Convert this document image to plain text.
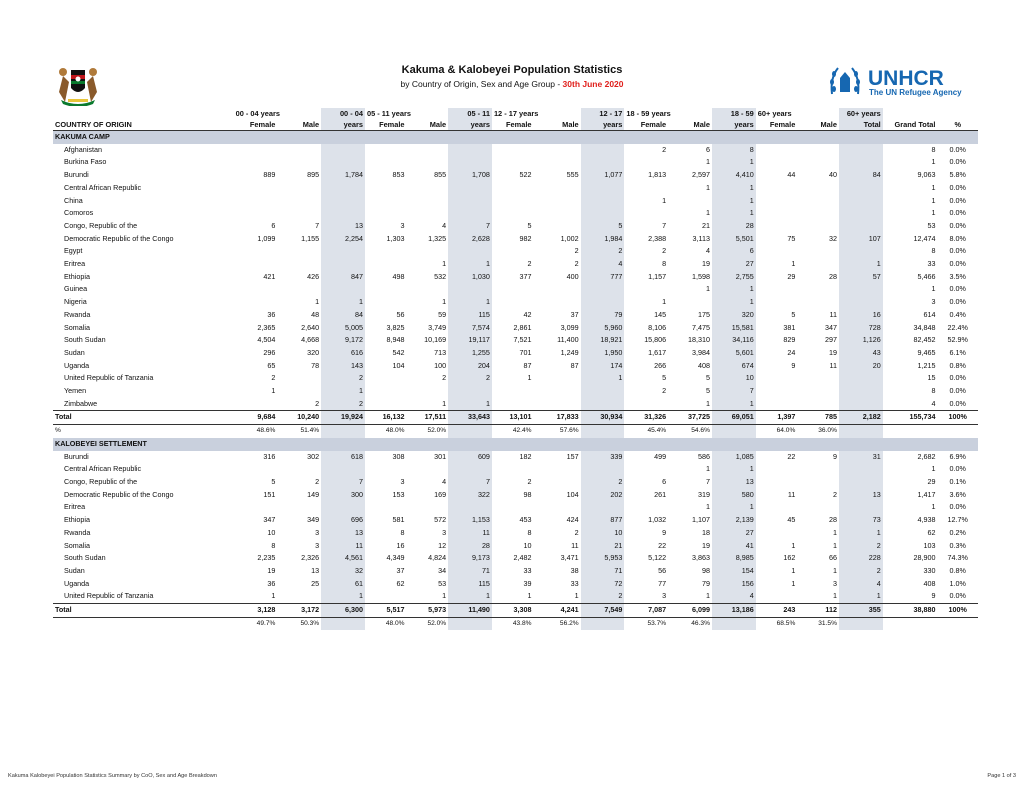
Kakuma & Kalobeyei Population Statistics
by Country of Origin, Sex and Age Group - 30th June 2020	UNHCR
The UN Refugee Agency
	00 - 04 years		00 - 04	05 - 11 years		05 - 11	12 - 17 years		12 - 17	18 - 59 years		18 - 59	60+ years		60+ years		
COUNTRY OF ORIGIN	Female	Male	years	Female	Male	years	Female	Male	years	Female	Male	years	Female	Male	Total	Grand Total	%
KAKUMA CAMP																	
Afghanistan										2	6	8				8	0.0%
Burkina Faso											1	1				1	0.0%
Burundi	889	895	1,784	853	855	1,708	522	555	1,077	1,813	2,597	4,410	44	40	84	9,063	5.8%
Central African Republic											1	1				1	0.0%
China										1		1				1	0.0%
Comoros											1	1				1	0.0%
Congo, Republic of the	6	7	13	3	4	7	5		5	7	21	28				53	0.0%
Democratic Republic of the Congo	1,099	1,155	2,254	1,303	1,325	2,628	982	1,002	1,984	2,388	3,113	5,501	75	32	107	12,474	8.0%
Egypt								2	2	2	4	6				8	0.0%
Eritrea					1	1	2	2	4	8	19	27	1		1	33	0.0%
Ethiopia	421	426	847	498	532	1,030	377	400	777	1,157	1,598	2,755	29	28	57	5,466	3.5%
Guinea											1	1				1	0.0%
Nigeria		1	1		1	1				1		1				3	0.0%
Rwanda	36	48	84	56	59	115	42	37	79	145	175	320	5	11	16	614	0.4%
Somalia	2,365	2,640	5,005	3,825	3,749	7,574	2,861	3,099	5,960	8,106	7,475	15,581	381	347	728	34,848	22.4%
South Sudan	4,504	4,668	9,172	8,948	10,169	19,117	7,521	11,400	18,921	15,806	18,310	34,116	829	297	1,126	82,452	52.9%
Sudan	296	320	616	542	713	1,255	701	1,249	1,950	1,617	3,984	5,601	24	19	43	9,465	6.1%
Uganda	65	78	143	104	100	204	87	87	174	266	408	674	9	11	20	1,215	0.8%
United Republic of Tanzania	2		2		2	2	1		1	5	5	10				15	0.0%
Yemen	1		1							2	5	7				8	0.0%
Zimbabwe		2	2		1	1					1	1				4	0.0%
Total	9,684	10,240	19,924	16,132	17,511	33,643	13,101	17,833	30,934	31,326	37,725	69,051	1,397	785	2,182	155,734	100%
%	48.6%	51.4%		48.0%	52.0%		42.4%	57.6%		45.4%	54.6%		64.0%	36.0%			
KALOBEYEI SETTLEMENT																	
Burundi	316	302	618	308	301	609	182	157	339	499	586	1,085	22	9	31	2,682	6.9%
Central African Republic											1	1				1	0.0%
Congo, Republic of the	5	2	7	3	4	7	2		2	6	7	13				29	0.1%
Democratic Republic of the Congo	151	149	300	153	169	322	98	104	202	261	319	580	11	2	13	1,417	3.6%
Eritrea											1	1				1	0.0%
Ethiopia	347	349	696	581	572	1,153	453	424	877	1,032	1,107	2,139	45	28	73	4,938	12.7%
Rwanda	10	3	13	8	3	11	8	2	10	9	18	27		1	1	62	0.2%
Somalia	8	3	11	16	12	28	10	11	21	22	19	41	1	1	2	103	0.3%
South Sudan	2,235	2,326	4,561	4,349	4,824	9,173	2,482	3,471	5,953	5,122	3,863	8,985	162	66	228	28,900	74.3%
Sudan	19	13	32	37	34	71	33	38	71	56	98	154	1	1	2	330	0.8%
Uganda	36	25	61	62	53	115	39	33	72	77	79	156	1	3	4	408	1.0%
United Republic of Tanzania	1		1		1	1	1	1	2	3	1	4		1	1	9	0.0%
Total	3,128	3,172	6,300	5,517	5,973	11,490	3,308	4,241	7,549	7,087	6,099	13,186	243	112	355	38,880	100%
	49.7%	50.3%		48.0%	52.0%		43.8%	56.2%		53.7%	46.3%		68.5%	31.5%			
Kakuma Kalobeyei Population Statistics Summary by CoO, Sex and Age Breakdown	Page 1 of 3
